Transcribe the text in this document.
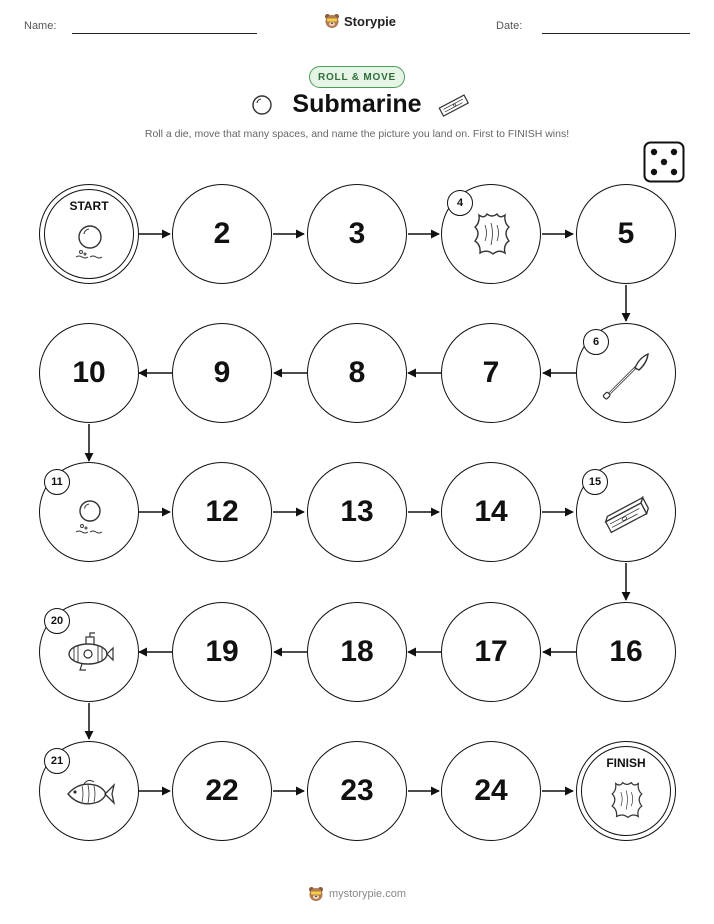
Name:	Storypie	Date:
ROLL & MOVE
Submarine
Roll a die, move that many spaces, and name the picture you land on. First to FINISH wins!
START
2	3
4
5
10	9	8	7
6
11
12	13	14
15
20
19	18	17	16
21
22	23	24
FINISH
mystorypie.com
